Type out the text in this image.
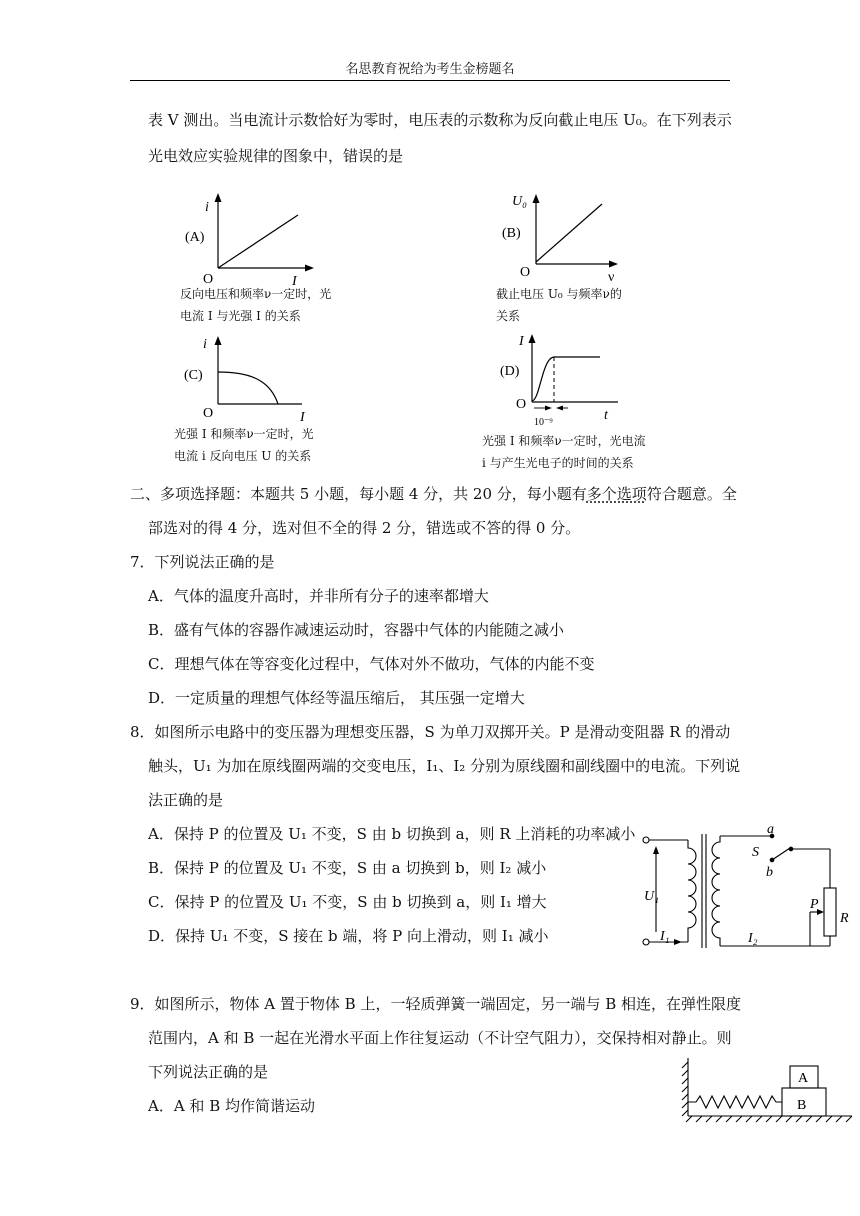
名思教育祝给为考生金榜题名
表 V 测出。当电流计示数恰好为零时，电压表的示数称为反向截止电压 U₀。在下列表示
光电效应实验规律的图象中，错误的是
i
(A)
O	I
反向电压和频率ν一定时，光
电流 I 与光强 I 的关系
U₀
(B)
O	ν
截止电压 U₀ 与频率ν的
关系
i
(C)
O	I
光强 I 和频率ν一定时，光
电流 i 反向电压 U 的关系
I
(D)
O
t
10⁻⁹
光强 I 和频率ν一定时，光电流
i 与产生光电子的时间的关系
二、多项选择题：本题共 5 小题，每小题 4 分，共 20 分，每小题有多个选项符合题意。全
部选对的得 4 分，选对但不全的得 2 分，错选或不答的得 0 分。
7．下列说法正确的是
A．气体的温度升高时，并非所有分子的速率都增大
B．盛有气体的容器作减速运动时，容器中气体的内能随之减小
C．理想气体在等容变化过程中，气体对外不做功，气体的内能不变
D．一定质量的理想气体经等温压缩后， 其压强一定增大
8．如图所示电路中的变压器为理想变压器，S 为单刀双掷开关。P 是滑动变阻器 R 的滑动
触头，U₁ 为加在原线圈两端的交变电压，I₁、I₂ 分别为原线圈和副线圈中的电流。下列说
法正确的是
A．保持 P 的位置及 U₁ 不变，S 由 b 切换到 a，则 R 上消耗的功率减小
B．保持 P 的位置及 U₁ 不变，S 由 a 切换到 b，则 I₂ 减小
C．保持 P 的位置及 U₁ 不变，S 由 b 切换到 a，则 I₁ 增大
D．保持 U₁ 不变，S 接在 b 端，将 P 向上滑动，则 I₁ 减小
a
S
b
U₁
I₁	I₂
P
R
9．如图所示，物体 A 置于物体 B 上，一轻质弹簧一端固定，另一端与 B 相连，在弹性限度
范围内，A 和 B 一起在光滑水平面上作往复运动（不计空气阻力），交保持相对静止。则
下列说法正确的是
A．A 和 B 均作简谐运动
A
B
